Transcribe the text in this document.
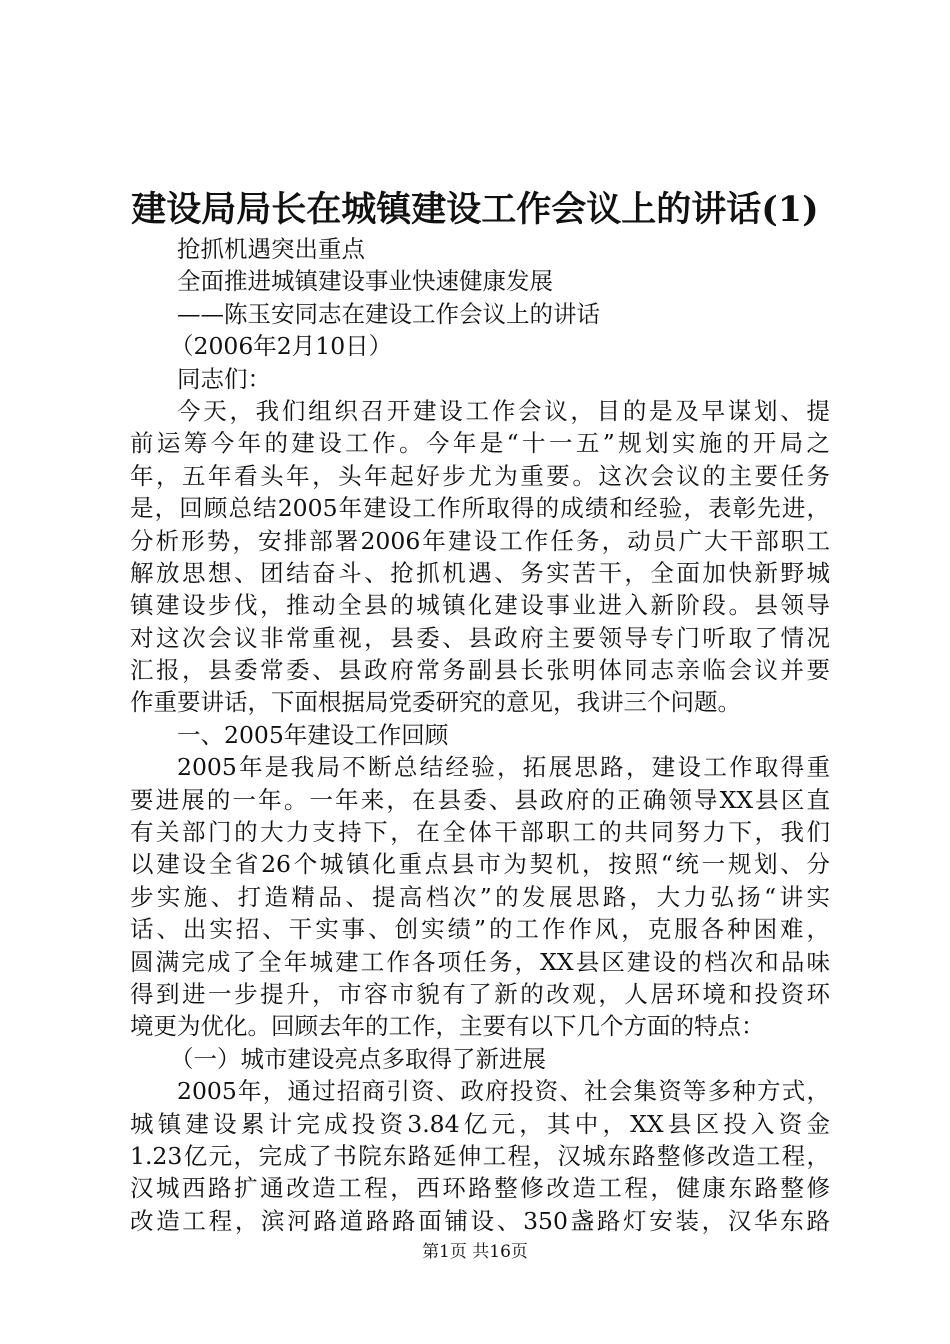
建设局局长在城镇建设工作会议上的讲话(1)
抢抓机遇突出重点
全面推进城镇建设事业快速健康发展
——陈玉安同志在建设工作会议上的讲话
（2006年2月10日）
同志们：
今天，我们组织召开建设工作会议，目的是及早谋划、提
前运筹今年的建设工作。今年是“十一五”规划实施的开局之
年，五年看头年，头年起好步尤为重要。这次会议的主要任务
是，回顾总结2005年建设工作所取得的成绩和经验，表彰先进，
分析形势，安排部署2006年建设工作任务，动员广大干部职工
解放思想、团结奋斗、抢抓机遇、务实苦干，全面加快新野城
镇建设步伐，推动全县的城镇化建设事业进入新阶段。县领导
对这次会议非常重视，县委、县政府主要领导专门听取了情况
汇报，县委常委、县政府常务副县长张明体同志亲临会议并要
作重要讲话，下面根据局党委研究的意见，我讲三个问题。
一、2005年建设工作回顾
2005年是我局不断总结经验，拓展思路，建设工作取得重
要进展的一年。一年来，在县委、县政府的正确领导XX县区直
有关部门的大力支持下，在全体干部职工的共同努力下，我们
以建设全省26个城镇化重点县市为契机，按照“统一规划、分
步实施、打造精品、提高档次”的发展思路，大力弘扬“讲实
话、出实招、干实事、创实绩”的工作作风，克服各种困难，
圆满完成了全年城建工作各项任务，XX县区建设的档次和品味
得到进一步提升，市容市貌有了新的改观，人居环境和投资环
境更为优化。回顾去年的工作，主要有以下几个方面的特点：
（一）城市建设亮点多取得了新进展
2005年，通过招商引资、政府投资、社会集资等多种方式，
城镇建设累计完成投资3.84亿元，其中，XX县区投入资金
1.23亿元，完成了书院东路延伸工程，汉城东路整修改造工程，
汉城西路扩通改造工程，西环路整修改造工程，健康东路整修
改造工程，滨河路道路路面铺设、350盏路灯安装，汉华东路
第1页 共16页
